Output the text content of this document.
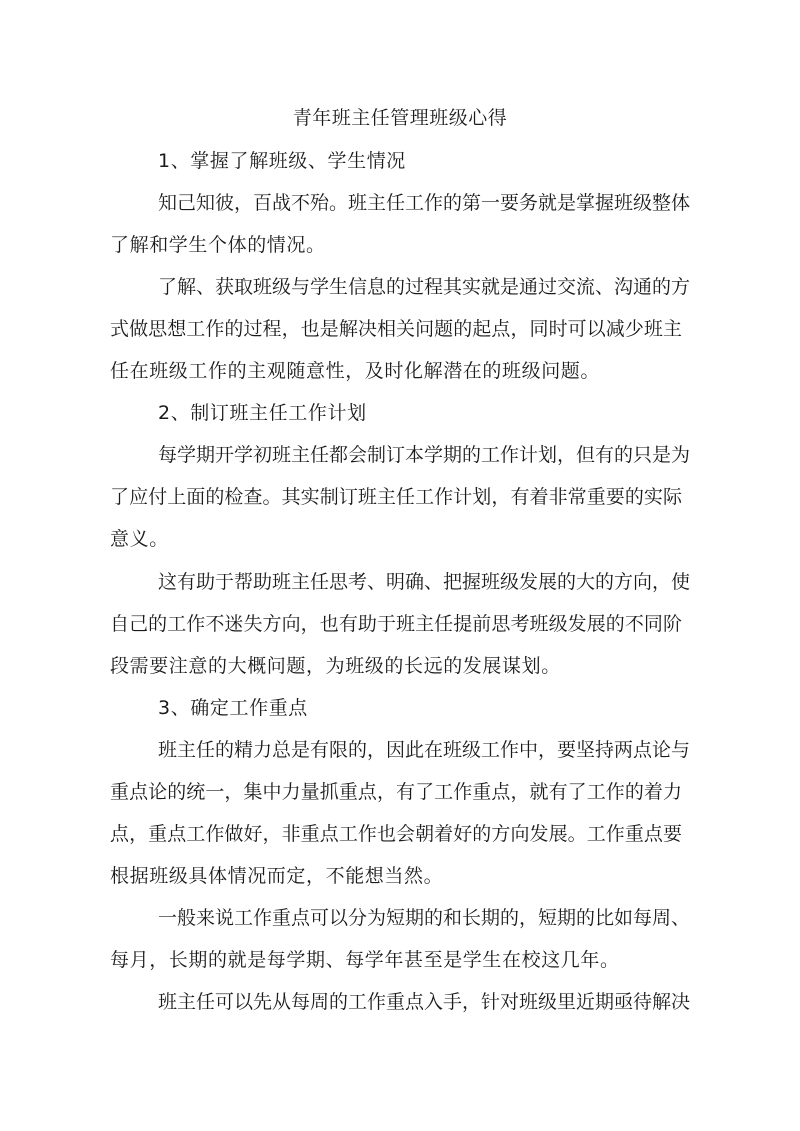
青年班主任管理班级心得
1、掌握了解班级、学生情况
知己知彼，百战不殆。班主任工作的第一要务就是掌握班级整体
了解和学生个体的情况。
了解、获取班级与学生信息的过程其实就是通过交流、沟通的方
式做思想工作的过程，也是解决相关问题的起点，同时可以减少班主
任在班级工作的主观随意性，及时化解潜在的班级问题。
2、制订班主任工作计划
每学期开学初班主任都会制订本学期的工作计划，但有的只是为
了应付上面的检查。其实制订班主任工作计划，有着非常重要的实际
意义。
这有助于帮助班主任思考、明确、把握班级发展的大的方向，使
自己的工作不迷失方向，也有助于班主任提前思考班级发展的不同阶
段需要注意的大概问题，为班级的长远的发展谋划。
3、确定工作重点
班主任的精力总是有限的，因此在班级工作中，要坚持两点论与
重点论的统一，集中力量抓重点，有了工作重点，就有了工作的着力
点，重点工作做好，非重点工作也会朝着好的方向发展。工作重点要
根据班级具体情况而定，不能想当然。
一般来说工作重点可以分为短期的和长期的，短期的比如每周、
每月，长期的就是每学期、每学年甚至是学生在校这几年。
班主任可以先从每周的工作重点入手，针对班级里近期亟待解决
